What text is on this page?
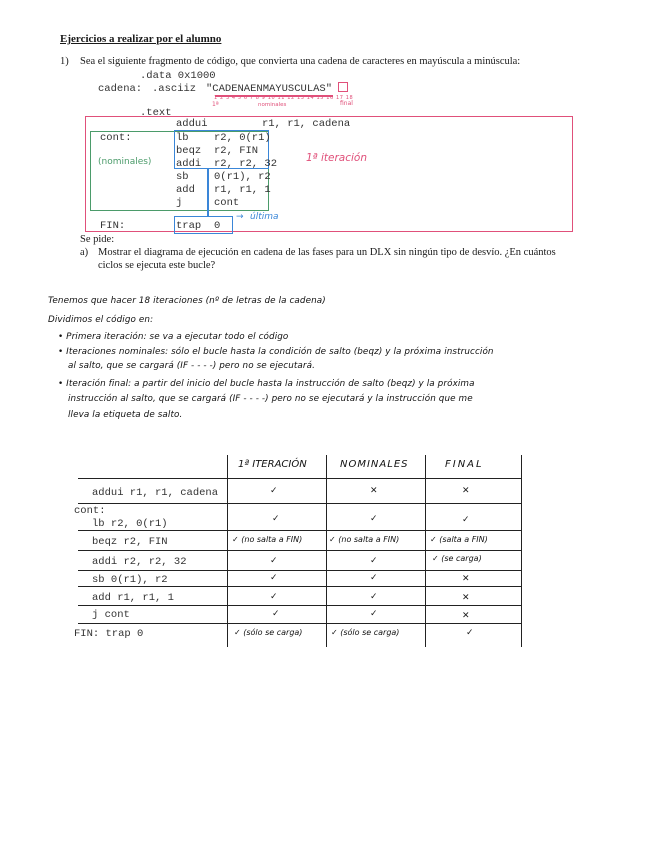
Ejercicios a realizar por el alumno
1) Sea el siguiente fragmento de código, que convierta una cadena de caracteres en mayúscula a minúscula:
.data 0x1000
cadena: .asciiz "CADENAENMAYUSCULAS"
1 2 3 4 5 6 7 8 9 10 11 12 13 14 15 16 17 18
nominales
1ª	final
.text
addui	r1, r1, cadena
cont:	lb r2, 0(r1)
beqz r2, FIN
addi r2, r2, 32
sb 0(r1), r2
add r1, r1, 1
j	cont
FIN:	trap 0
(nominales)	1ª iteración
→ última
Se pide:
a) Mostrar el diagrama de ejecución en cadena de las fases para un DLX sin ningún tipo de desvío. ¿En cuántos
ciclos se ejecuta este bucle?
Tenemos que hacer 18 iteraciones (nº de letras de la cadena)
Dividimos el código en:
• Primera iteración: se va a ejecutar todo el código
• Iteraciones nominales: sólo el bucle hasta la condición de salto (beqz) y la próxima instrucción
al salto, que se cargará (IF - - - -) pero no se ejecutará.
• Iteración final: a partir del inicio del bucle hasta la instrucción de salto (beqz) y la próxima
instrucción al salto, que se cargará (IF - - - -) pero no se ejecutará y la instrucción que me
lleva la etiqueta de salto.
1ª ITERACIÓN	NOMINALES	FINAL
addui r1, r1, cadena	✓	✕	✕
cont:
lb r2, 0(r1)	✓	✓	✓
beqz r2, FIN	✓ (no salta a FIN)	✓ (no salta a FIN)	✓ (salta a FIN)
addi r2, r2, 32	✓	✓	✓ (se carga)
sb 0(r1), r2	✓	✓	✕
add r1, r1, 1	✓	✓	✕
j cont	✓	✓	✕
FIN: trap 0	✓ (sólo se carga)	✓ (sólo se carga)	✓
